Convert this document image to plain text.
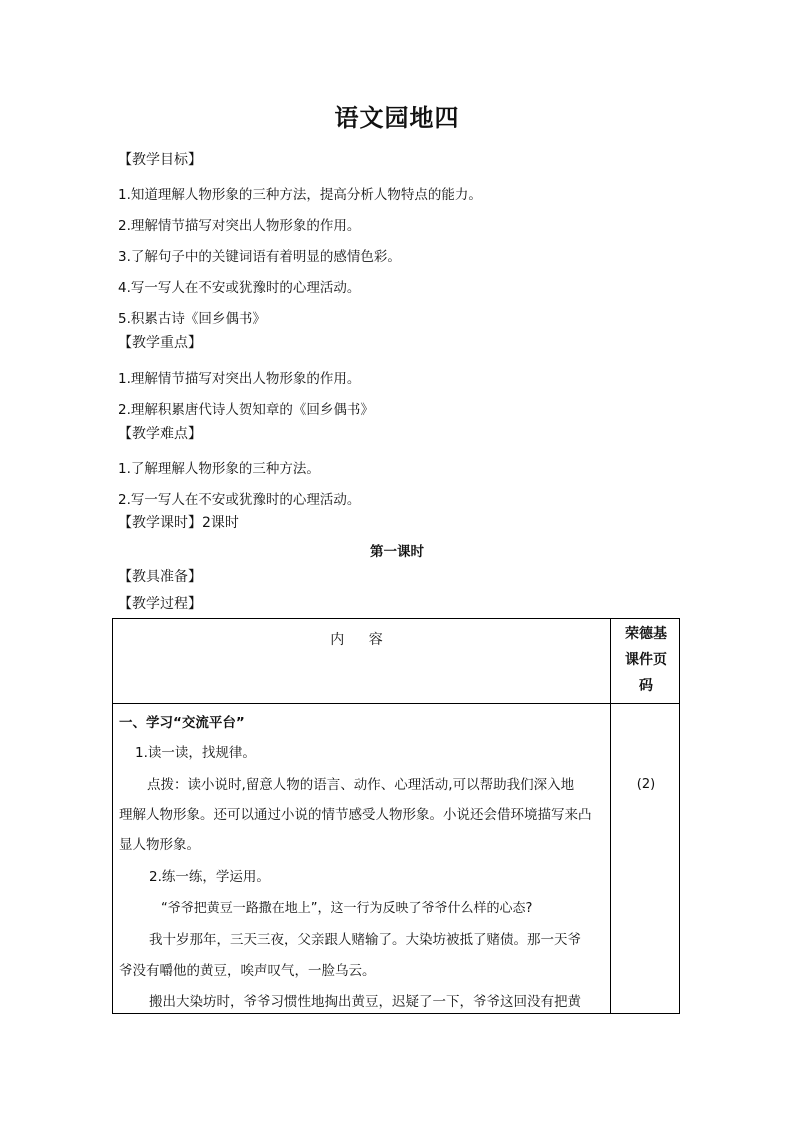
语文园地四
【教学目标】
1.知道理解人物形象的三种方法，提高分析人物特点的能力。
2.理解情节描写对突出人物形象的作用。
3.了解句子中的关键词语有着明显的感情色彩。
4.写一写人在不安或犹豫时的心理活动。
5.积累古诗《回乡偶书》
【教学重点】
1.理解情节描写对突出人物形象的作用。
2.理解积累唐代诗人贺知章的《回乡偶书》
【教学难点】
1.了解理解人物形象的三种方法。
2.写一写人在不安或犹豫时的心理活动。
【教学课时】2课时
第一课时
【教具准备】
【教学过程】
内 容	荣德基
课件页
码
一、学习“交流平台”
1.读一读，找规律。
点拨：读小说时,留意人物的语言、动作、心理活动,可以帮助我们深入地
理解人物形象。还可以通过小说的情节感受人物形象。小说还会借环境描写来凸
显人物形象。
2.练一练，学运用。
“爷爷把黄豆一路撒在地上”，这一行为反映了爷爷什么样的心态?
我十岁那年，三天三夜，父亲跟人赌输了。大染坊被抵了赌债。那一天爷
爷没有嚼他的黄豆，唉声叹气，一脸乌云。
搬出大染坊时，爷爷习惯性地掏出黄豆，迟疑了一下，爷爷这回没有把黄
(2)
